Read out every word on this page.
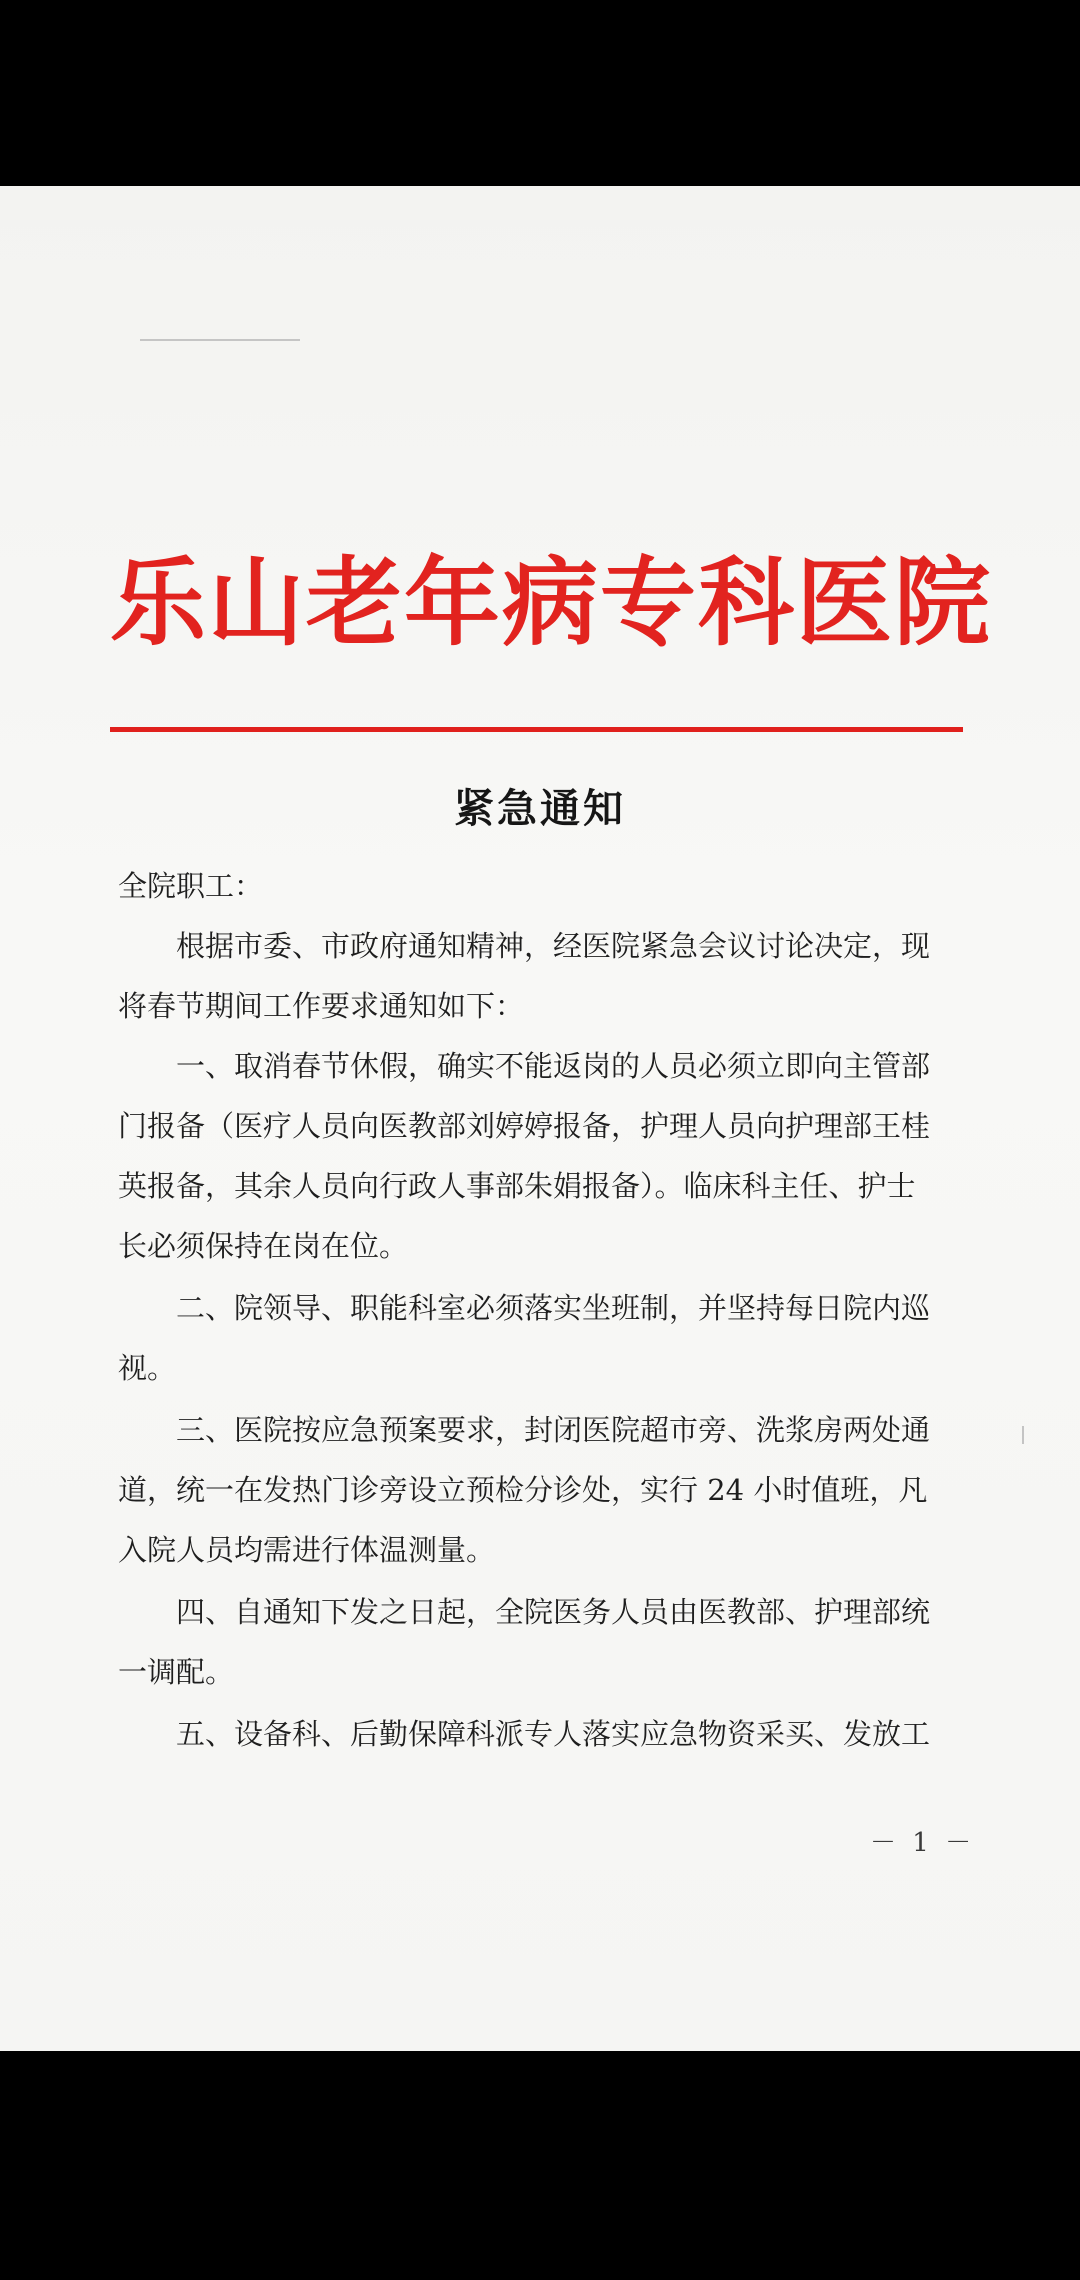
乐山老年病专科医院
紧急通知
全院职工：
　　根据市委、市政府通知精神，经医院紧急会议讨论决定，现
将春节期间工作要求通知如下：
　　一、取消春节休假，确实不能返岗的人员必须立即向主管部
门报备（医疗人员向医教部刘婷婷报备，护理人员向护理部王桂
英报备，其余人员向行政人事部朱娟报备）。临床科主任、护士
长必须保持在岗在位。
　　二、院领导、职能科室必须落实坐班制，并坚持每日院内巡
视。
　　三、医院按应急预案要求，封闭医院超市旁、洗浆房两处通
道，统一在发热门诊旁设立预检分诊处，实行 24 小时值班，凡
入院人员均需进行体温测量。
　　四、自通知下发之日起，全院医务人员由医教部、护理部统
一调配。
　　五、设备科、后勤保障科派专人落实应急物资采买、发放工
－ 1 －
